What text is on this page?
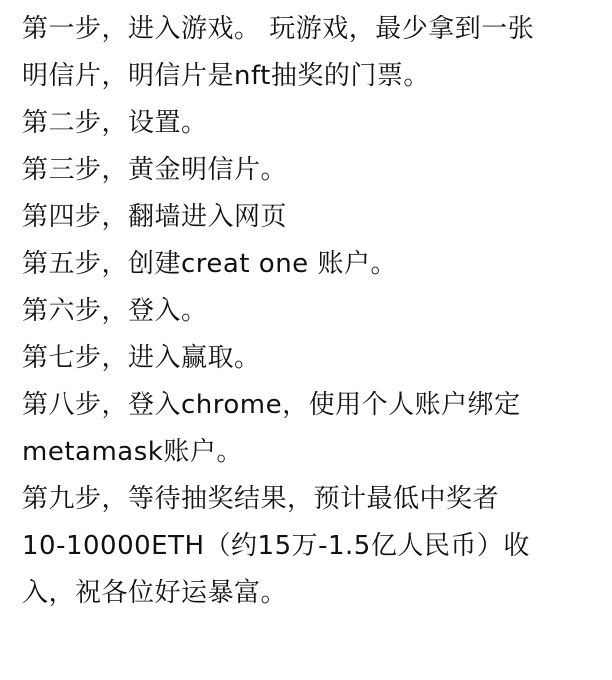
第一步，进入游戏。 玩游戏，最少拿到一张
明信片，明信片是nft抽奖的门票。
第二步，设置。
第三步，黄金明信片。
第四步，翻墙进入网页
第五步，创建creat one 账户。
第六步，登入。
第七步，进入赢取。
第八步，登入chrome，使用个人账户绑定
metamask账户。
第九步，等待抽奖结果，预计最低中奖者
10-10000ETH（约15万-1.5亿人民币）收
入，祝各位好运暴富。
